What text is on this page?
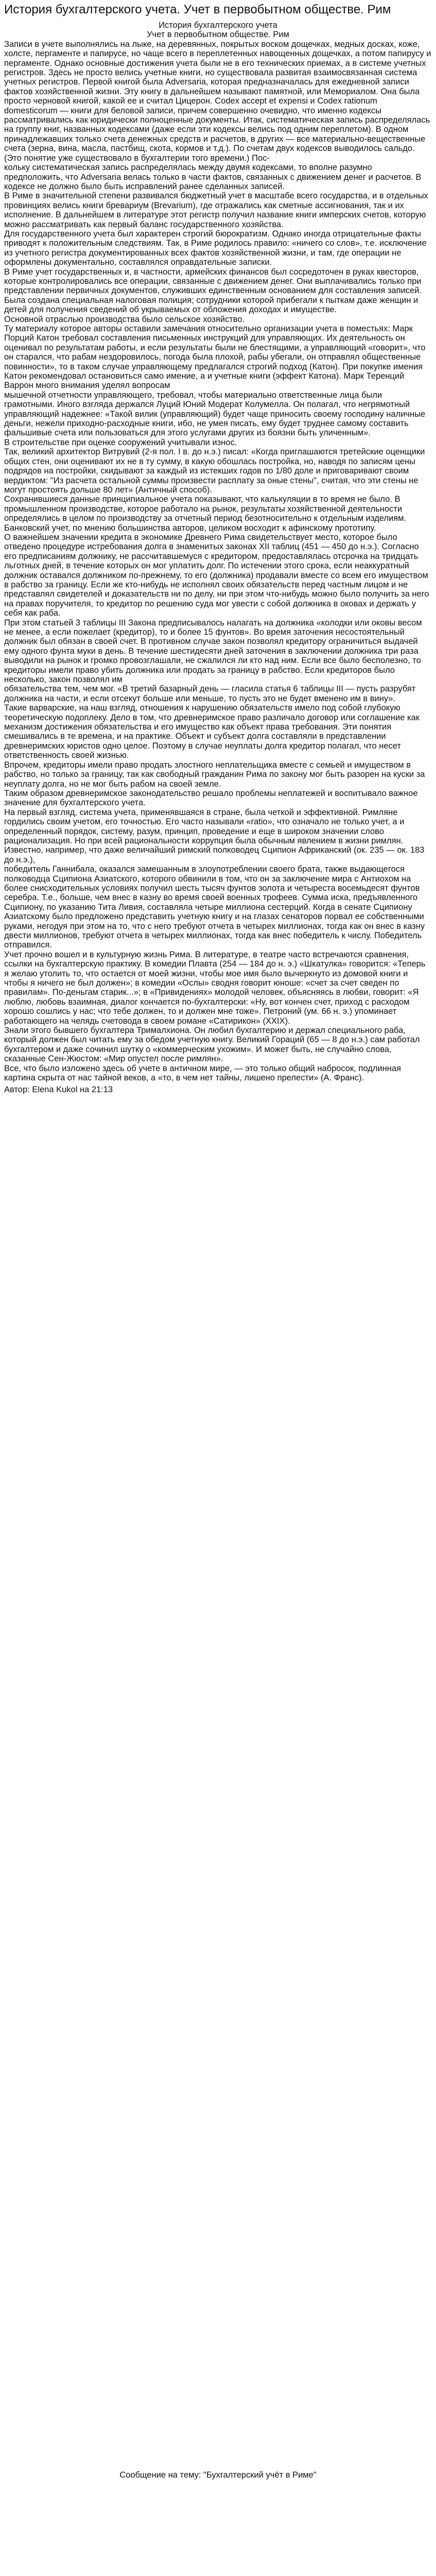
История бухгалтерского учета. Учет в первобытном обществе. Рим
История бухгалтерского учета
Учет в первобытном обществе. Рим
Записи в учете выполнялись на лыке, на деревянных, покрытых воском дощечках, медных досках, коже, холсте, пергаменте и папирусе, но чаще всего в переплетенных навощенных дощечках, а потом папирусу и пергаменте. Однако основные достижения учета были не в его технических приемах, а в системе учетных регистров. Здесь не просто велись учетные книги, но существовала развитая взаимосвязанная система учетных регистров. Первой книгой была Adversaria, которая предназначалась для ежедневной записи фактов хозяйственной жизни. Эту книгу в дальнейшем называют памятной, или Мемориалом. Она была просто черновой книгой, какой ее и считал Цицерон. Codex accept et expensi и Codex rationum domesticorum — книги для беловой записи, причем совершенно очевидно, что именно кодексы рассматривались как юридически полноценные документы. Итак, систематическая запись распределялась на группу книг, названных кодексами (даже если эти кодексы велись под одним переплетом). В одном принадлежавших только счета денежных средств и расчетов, в других — все материально-вещественные счета (зерна, вина, масла, пастбищ, скота, кормов и т.д.). По счетам двух кодексов выводилось сальдо. (Это понятие уже существовало в бухгалтерии того времени.) Пос-
кольку систематическая запись распределялась между двумя кодексами, то вполне разумно предположить, что Adversaria велась только в части фактов, связанных с движением денег и расчетов. В кодексе не должно было быть исправлений ранее сделанных записей.
В Риме в значительной степени развивался бюджетный учет в масштабе всего государства, и в отдельных провинциях велись книги бревариум (Brevarium), где отражались как сметные ассигнования, так и их исполнение. В дальнейшем в литературе этот регистр получил название книги имперских счетов, которую можно рассматривать как первый баланс государственного хозяйства.
Для государственного учета был характерен строгий бюрократизм. Однако иногда отрицательные факты приводят к положительным следствиям. Так, в Риме родилось правило: «ничего со слов», т.е. исключение из учетного регистра документированных всех фактов хозяйственной жизни, и там, где операции не оформлены документально, составлялся оправдательные записки.
В Риме учет государственных и, в частности, армейских финансов был сосредоточен в руках квесторов, которые контролировались все операции, связанные с движением денег. Они выплачивались только при представлении первичных документов, служивших единственным основанием для составления записей.
Была создана специальная налоговая полиция; сотрудники которой прибегали к пыткам даже женщин и детей для получения сведений об укрываемых от обложения доходах и имуществе.
Основной отраслью производства было сельское хозяйство.
Ту материалу которое авторы оставили замечания относительно организации учета в поместьях: Марк Порций Катон требовал составления письменных инструкций для управляющих. Их деятельность он оценивал по результатам работы, и если результаты были не блестящими, а управляющий «говорит», что он старался, что рабам нездоровилось, погода была плохой, рабы убегали, он отправлял общественные повинности», то в таком случае управляющему предлагался строгий подход (Катон). При покупке имения Катон рекомендовал остановиться само имение, а и учетные книги (эффект Катона). Марк Теренций Варрон много внимания уделял вопросам
мышечной отчетности управляющего, требовал, чтобы материально ответственные лица были грамотными. Иного взгляда держался Луций Юний Модерат Колумелла. Он полагал, что негрямотный управляющий надежнее: «Такой вилик (управляющий) будет чаще приносить своему господину наличные деньги, нежели приходно-расходные книги, ибо, не умея писать, ему будет труднее самому составить фальшивые счета или пользоваться для этого услугами других из боязни быть уличенным».
В строительстве при оценке сооружений учитывали износ.
Так, великий архитектор Витрувий (2-я пол. I в. до н.э.) писал: «Когда приглашаются третейские оценщики общих стен, они оценивают их не в ту сумму, в какую обошлась постройка, но, наводя по записям цены подрядов на постройки, скидывают за каждый из истекших годов по 1/80 доле и приговаривают своим вердиктом: "Из расчета остальной суммы произвести расплату за оные стены", считая, что эти стены не могут простоять дольше 80 лет» (Античный способ).
Сохранившиеся данные принципиальное учета показывают, что калькуляции в то время не было. В промышленном производстве, которое работало на рынок, результаты хозяйственной деятельности определялись в целом по производству за отчетный период безотносительно к отдельным изделиям.
Банковский учет, по мнению большинства авторов, целиком восходит к афинскому прототипу.
О важнейшем значении кредита в экономике Древнего Рима свидетельствует место, которое было отведено процедуре истребования долга в знаменитых законах XII таблиц (451 — 450 до н.э.). Согласно его предписаниям должнику, не рассчитавшемуся с кредитором, предоставлялась отсрочка на тридцать льготных дней, в течение которых он мог уплатить долг. По истечении этого срока, если неаккуратный должник оставался должником по-прежнему, то его (должника) продавали вместе со всем его имуществом в рабство за границу. Если же кто-нибудь не исполнял своих обязательств перед частным лицом и не представлял свидетелей и доказательств ни по делу, ни при этом что-нибудь можно было получить за него на правах поручителя, то кредитор по решению суда мог увести с собой должника в оковах и держать у себя как раба.
При этом статьей 3 таблицы III Закона предписывалось налагать на должника «колодки или оковы весом не менее, а если пожелает (кредитор), то и более 15 фунтов». Во время заточения несостоятельный должник был обязан в своей счет. В противном случае закон позволял кредитору ограничиться выдачей ему одного фунта муки в день. В течение шестидесяти дней заточения в заключении должника три раза выводили на рынок и громко провозглашали, не сжалился ли кто над ним. Если все было бесполезно, то кредиторы имели право убить должника или продать за границу в рабство. Если кредиторов было несколько, закон позволял им
обязательства тем, чем мог. «В третий базарный день — гласила статья 6 таблицы III — пусть разрубят должника на части, и если отсекут больше или меньше, то пусть это не будет вменено им в вину».
Такие варварские, на наш взгляд, отношения к нарушению обязательств имело под собой глубокую теоретическую подоплеку. Дело в том, что древнеримское право различало договор или соглашение как механизм достижения обязательства и его имущество как объект права требования. Эти понятия смешивались в те времена, и на практике. Объект и субъект долга составляли в представлении древнеримских юристов одно целое. Поэтому в случае неуплаты долга кредитор полагал, что несет ответственность своей жизнью.
Впрочем, кредиторы имели право продать злостного неплательщика вместе с семьей и имуществом в рабство, но только за границу, так как свободный гражданин Рима по закону мог быть разорен на куски за неуплату долга, но не мог быть рабом на своей земле.
Таким образом древнеримское законодательство решало проблемы неплатежей и воспитывало важное значение для бухгалтерского учета.
На первый взгляд, система учета, применявшаяся в стране, была четкой и эффективной. Римляне гордились своим учетом, его точностью. Его часто называли «ratio», что означало не только учет, а и определенный порядок, систему, разум, принцип, проведение и еще в широком значении слово рационализация. Но при всей рациональности коррупция была обычным явлением в жизни римлян. Известно, например, что даже величайший римский полководец Сципион Африканский (ок. 235 — ок. 183 до н.э.),
победитель Ганнибала, оказался замешанным в злоупотреблении своего брата, также выдающегося полководца Сципиона Азиатского, которого обвинили в том, что он за заключение мира с Антиохом на более снисходительных условиях получил шесть тысяч фунтов золота и четыреста восемьдесят фунтов серебра. Т.е., больше, чем внес в казну во время своей военных трофеев. Сумма иска, предъявленного Сципиону, по указанию Тита Ливия, составляла четыре миллиона сестерций. Когда в сенате Сципиону Азиатскому было предложено представить учетную книгу и на глазах сенаторов порвал ее собственными руками, негодуя при этом на то, что с него требуют отчета в четырех миллионах, тогда как он внес в казну двести миллионов, требуют отчета в четырех миллионах, тогда как внес победитель к числу. Победитель отправился.
Учет прочно вошел и в культурную жизнь Рима. В литературе, в театре часто встречаются сравнения, ссылки на бухгалтерскую практику. В комедии Плавта (254 — 184 до н. э.) «Шкатулка» говорится: «Теперь я желаю утолить то, что остается от моей жизни, чтобы мое имя было вычеркнуто из домовой книги и чтобы я ничего не был должен»; в комедии «Ослы» сводня говорит юноше: «счет за счет сведен по правилам». По-деньгам старик...»; в «Привидениях» молодой человек, объясняясь в любви, говорит: «Я люблю, любовь взаимная, диалог кончается по-бухгалтерски: «Ну, вот кончен счет, приход с расходом хорошо сошлись у нас; что тебе должен, то и должен мне тоже». Петроний (ум. 66 н. э.) упоминает работающего на челядь счетовода в своем романе «Сатирикон» (XXIX).
Знали этого бывшего бухгалтера Трималхиона. Он любил бухгалтерию и держал специального раба, который должен был читать ему за обедом учетную книгу. Великий Гораций (65 — 8 до н.э.) сам работал бухгалтером и даже сочинил шутку о «коммерческим ухожим». И может быть, не случайно слова, сказанные Сен-Жюстом: «Мир опустел после римлян».
Все, что было изложено здесь об учете в античном мире, — это только общий набросок, подлинная картина скрыта от нас тайной веков, а «то, в чем нет тайны, лишено прелести» (А. Франс).
Автор: Elena Kukol на 21:13
Сообщение на тему: "Бухгалтерский учёт в Риме"
